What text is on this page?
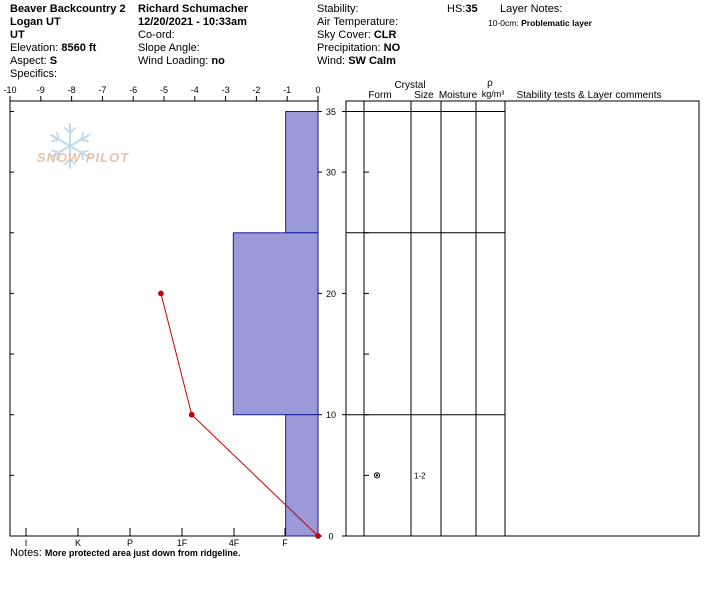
Beaver Backcountry 2
Logan UT
UT
Elevation: 8560 ft
Aspect: S
Specifics:
Richard Schumacher
12/20/2021 - 10:33am
Co-ord:
Slope Angle:
Wind Loading: no
Stability:
Air Temperature:
Sky Cover: CLR
Precipitation: NO
Wind: SW Calm
HS:35 Layer Notes:
10-0cm: Problematic layer
SNOW PILOT
Crystal
Form Size Moisture
ρ
kg/m³ Stability tests & Layer comments
-10 -9	-8	-7	-6	-5	-4	-3	-2	-1	0
35
30
20
10
0
I	K	P	1F	4F	F
1-2
Notes: More protected area just down from ridgeline.
